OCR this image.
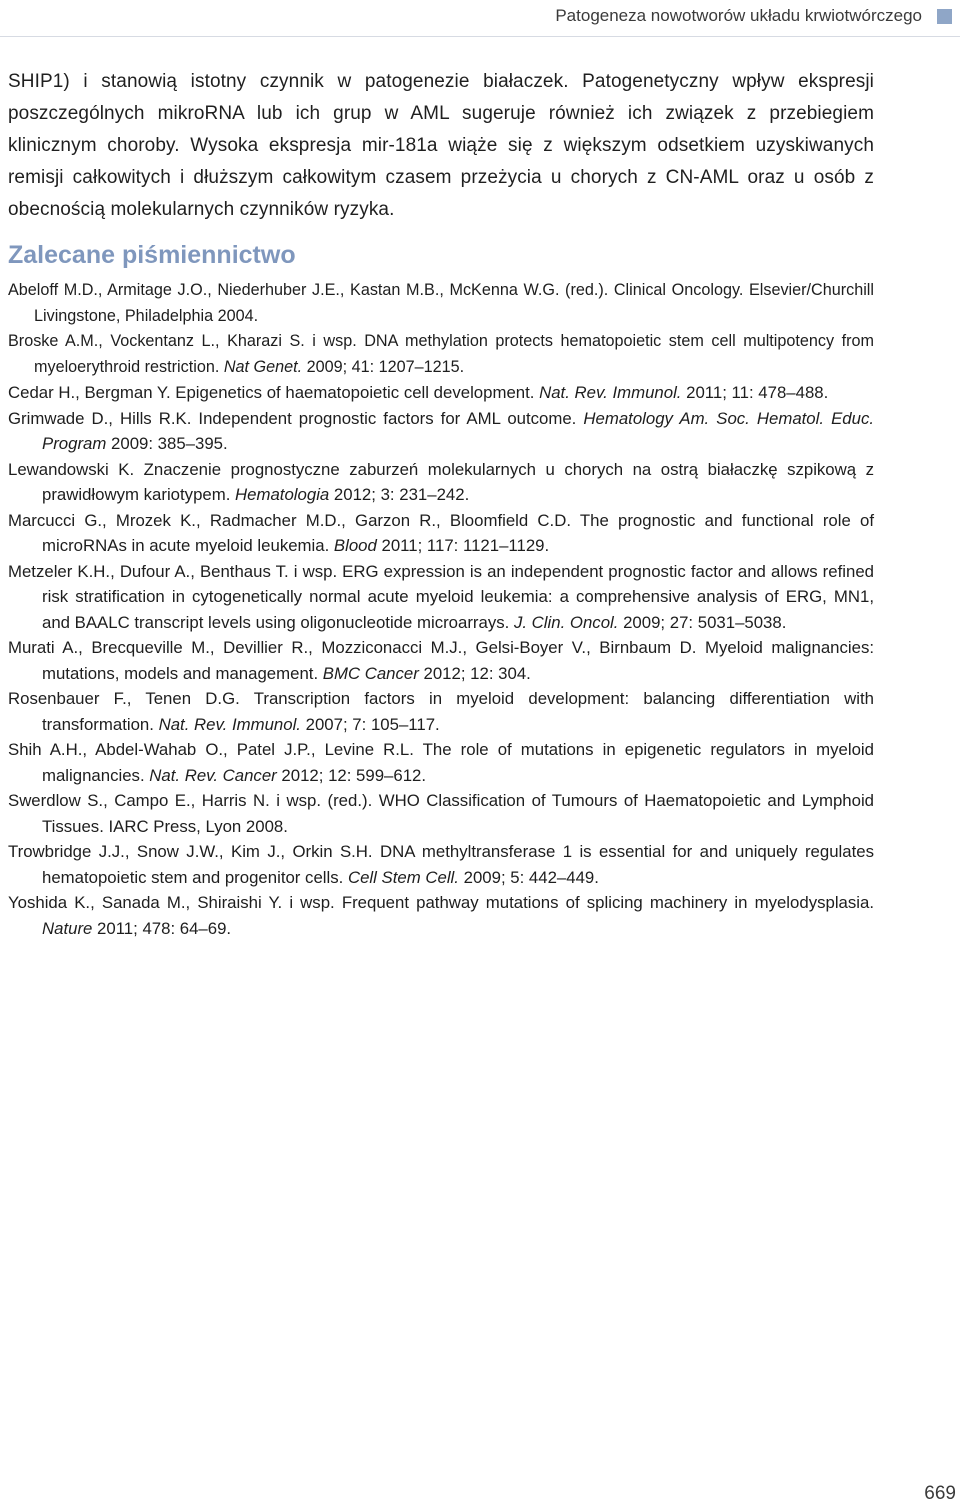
Patogeneza nowotworów układu krwiotwórczego

SHIP1) i stanowią istotny czynnik w patogenezie białaczek. Patogenetyczny wpływ ekspresji poszczególnych mikroRNA lub ich grup w AML sugeruje również ich związek z przebiegiem klinicznym choroby. Wysoka ekspresja mir-181a wiąże się z większym odsetkiem uzyskiwanych remisji całkowitych i dłuższym całkowitym czasem przeżycia u chorych z CN-AML oraz u osób z obecnością molekularnych czynników ryzyka.

Zalecane piśmiennictwo
Abeloff M.D., Armitage J.O., Niederhuber J.E., Kastan M.B., McKenna W.G. (red.). Clinical Oncology. Elsevier/Churchill Livingstone, Philadelphia 2004.
Broske A.M., Vockentanz L., Kharazi S. i wsp. DNA methylation protects hematopoietic stem cell multipotency from myeloerythroid restriction. Nat Genet. 2009; 41: 1207–1215.
Cedar H., Bergman Y. Epigenetics of haematopoietic cell development. Nat. Rev. Immunol. 2011; 11: 478–488.
Grimwade D., Hills R.K. Independent prognostic factors for AML outcome. Hematology Am. Soc. Hematol. Educ. Program 2009: 385–395.
Lewandowski K. Znaczenie prognostyczne zaburzeń molekularnych u chorych na ostrą białaczkę szpikową z prawidłowym kariotypem. Hematologia 2012; 3: 231–242.
Marcucci G., Mrozek K., Radmacher M.D., Garzon R., Bloomfield C.D. The prognostic and functional role of microRNAs in acute myeloid leukemia. Blood 2011; 117: 1121–1129.
Metzeler K.H., Dufour A., Benthaus T. i wsp. ERG expression is an independent prognostic factor and allows refined risk stratification in cytogenetically normal acute myeloid leukemia: a comprehensive analysis of ERG, MN1, and BAALC transcript levels using oligonucleotide microarrays. J. Clin. Oncol. 2009; 27: 5031–5038.
Murati A., Brecqueville M., Devillier R., Mozziconacci M.J., Gelsi-Boyer V., Birnbaum D. Myeloid malignancies: mutations, models and management. BMC Cancer 2012; 12: 304.
Rosenbauer F., Tenen D.G. Transcription factors in myeloid development: balancing differentiation with transformation. Nat. Rev. Immunol. 2007; 7: 105–117.
Shih A.H., Abdel-Wahab O., Patel J.P., Levine R.L. The role of mutations in epigenetic regulators in myeloid malignancies. Nat. Rev. Cancer 2012; 12: 599–612.
Swerdlow S., Campo E., Harris N. i wsp. (red.). WHO Classification of Tumours of Haematopoietic and Lymphoid Tissues. IARC Press, Lyon 2008.
Trowbridge J.J., Snow J.W., Kim J., Orkin S.H. DNA methyltransferase 1 is essential for and uniquely regulates hematopoietic stem and progenitor cells. Cell Stem Cell. 2009; 5: 442–449.
Yoshida K., Sanada M., Shiraishi Y. i wsp. Frequent pathway mutations of splicing machinery in myelodysplasia. Nature 2011; 478: 64–69.
669
